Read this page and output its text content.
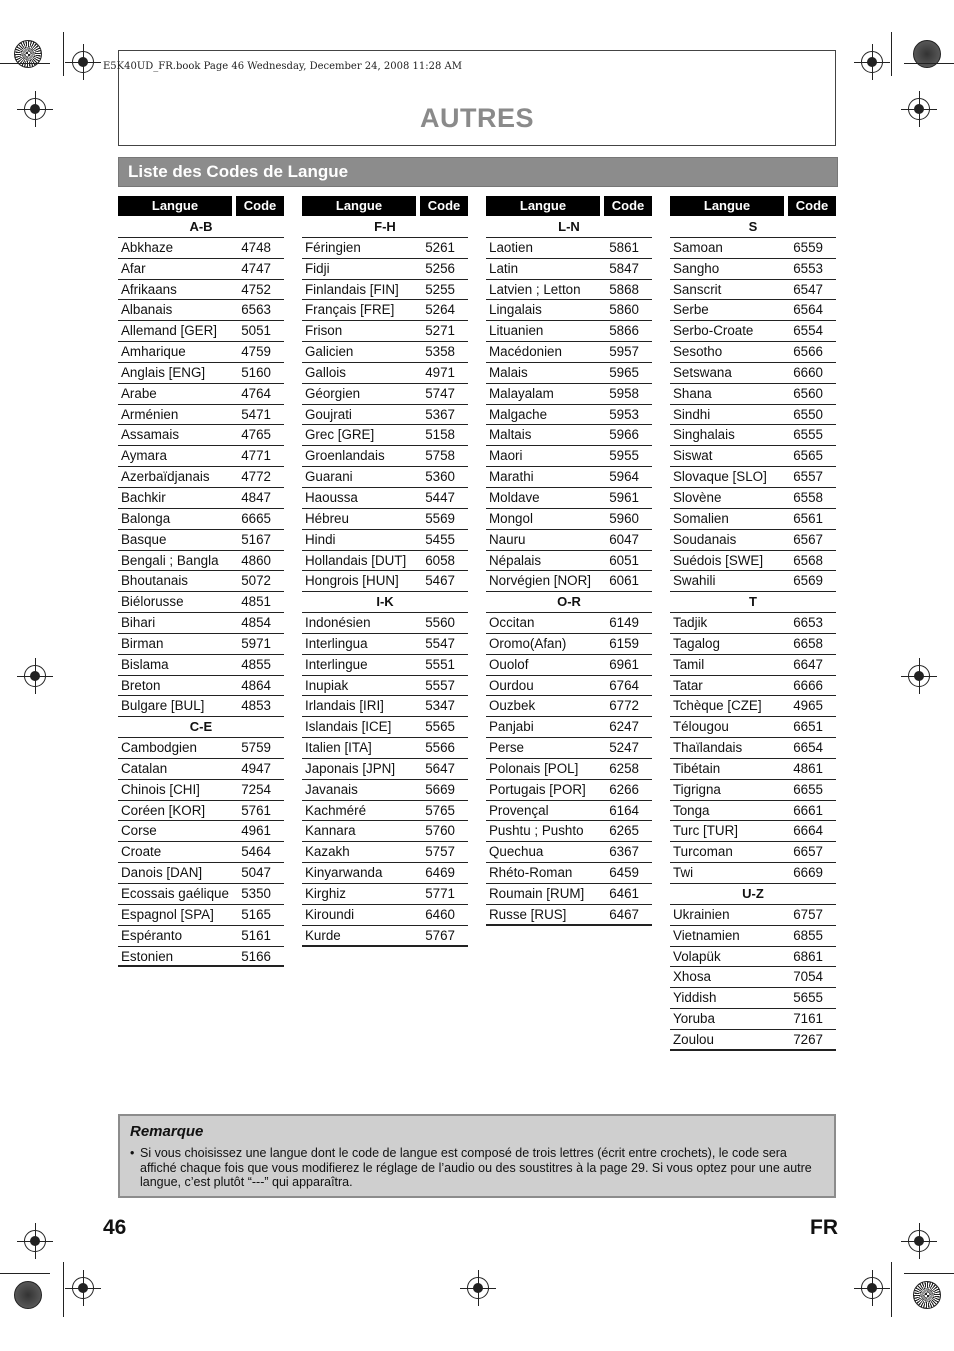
E5K40UD_FR.book Page 46 Wednesday, December 24, 2008 11:28 AM
AUTRES
Liste des Codes de Langue
Langue	Code
A-B
Abkhaze	4748
Afar	4747
Afrikaans	4752
Albanais	6563
Allemand [GER]	5051
Amharique	4759
Anglais [ENG]	5160
Arabe	4764
Arménien	5471
Assamais	4765
Aymara	4771
Azerbaïdjanais	4772
Bachkir	4847
Balonga	6665
Basque	5167
Bengali ; Bangla	4860
Bhoutanais	5072
Biélorusse	4851
Bihari	4854
Birman	5971
Bislama	4855
Breton	4864
Bulgare [BUL]	4853
C-E
Cambodgien	5759
Catalan	4947
Chinois [CHI]	7254
Coréen [KOR]	5761
Corse	4961
Croate	5464
Danois [DAN]	5047
Ecossais gaélique 5350
Espagnol [SPA]	5165
Espéranto	5161
Estonien	5166
Langue	Code
F-H
Féringien	5261
Fidji	5256
Finlandais [FIN]	5255
Français [FRE]	5264
Frison	5271
Galicien	5358
Gallois	4971
Géorgien	5747
Goujrati	5367
Grec [GRE]	5158
Groenlandais	5758
Guarani	5360
Haoussa	5447
Hébreu	5569
Hindi	5455
Hollandais [DUT]	6058
Hongrois [HUN]	5467
I-K
Indonésien	5560
Interlingua	5547
Interlingue	5551
Inupiak	5557
Irlandais [IRI]	5347
Islandais [ICE]	5565
Italien [ITA]	5566
Japonais [JPN]	5647
Javanais	5669
Kachméré	5765
Kannara	5760
Kazakh	5757
Kinyarwanda	6469
Kirghiz	5771
Kiroundi	6460
Kurde	5767
Langue	Code
L-N
Laotien	5861
Latin	5847
Latvien ; Letton	5868
Lingalais	5860
Lituanien	5866
Macédonien	5957
Malais	5965
Malayalam	5958
Malgache	5953
Maltais	5966
Maori	5955
Marathi	5964
Moldave	5961
Mongol	5960
Nauru	6047
Népalais	6051
Norvégien [NOR]	6061
O-R
Occitan	6149
Oromo(Afan)	6159
Ouolof	6961
Ourdou	6764
Ouzbek	6772
Panjabi	6247
Perse	5247
Polonais [POL]	6258
Portugais [POR]	6266
Provençal	6164
Pushtu ; Pushto	6265
Quechua	6367
Rhéto-Roman	6459
Roumain [RUM]	6461
Russe [RUS]	6467
Langue	Code
S
Samoan	6559
Sangho	6553
Sanscrit	6547
Serbe	6564
Serbo-Croate	6554
Sesotho	6566
Setswana	6660
Shana	6560
Sindhi	6550
Singhalais	6555
Siswat	6565
Slovaque [SLO]	6557
Slovène	6558
Somalien	6561
Soudanais	6567
Suédois [SWE]	6568
Swahili	6569
T
Tadjik	6653
Tagalog	6658
Tamil	6647
Tatar	6666
Tchèque [CZE]	4965
Télougou	6651
Thaïlandais	6654
Tibétain	4861
Tigrigna	6655
Tonga	6661
Turc [TUR]	6664
Turcoman	6657
Twi	6669
U-Z
Ukrainien	6757
Vietnamien	6855
Volapük	6861
Xhosa	7054
Yiddish	5655
Yoruba	7161
Zoulou	7267
Remarque
• Si vous choisissez une langue dont le code de langue est composé de trois lettres (écrit entre crochets), le code sera affiché chaque fois que vous modifierez le réglage de l’audio ou des soustitres à la page 29. Si vous optez pour une autre langue, c’est plutôt “---” qui apparaîtra.
46	FR
